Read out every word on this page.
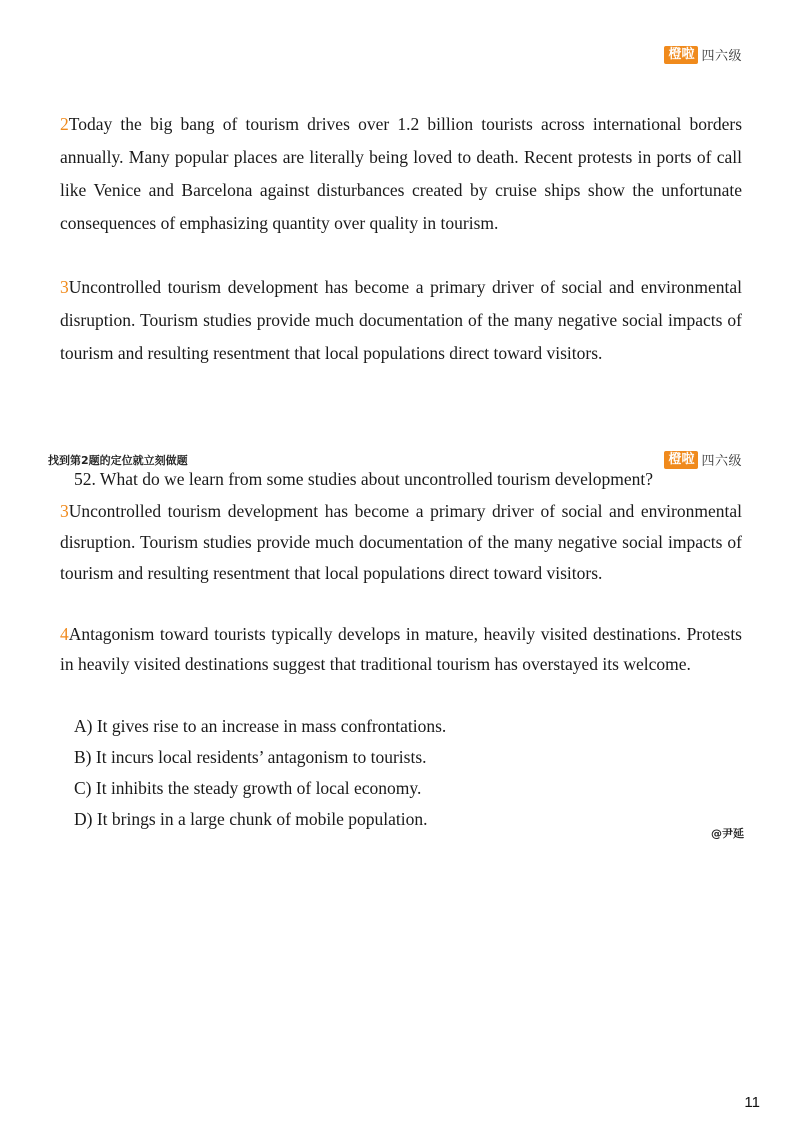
橙啦 四六级

2Today the big bang of tourism drives over 1.2 billion tourists across international borders annually. Many popular places are literally being loved to death. Recent protests in ports of call like Venice and Barcelona against disturbances created by cruise ships show the unfortunate consequences of emphasizing quantity over quality in tourism.

3Uncontrolled tourism development has become a primary driver of social and environmental disruption. Tourism studies provide much documentation of the many negative social impacts of tourism and resulting resentment that local populations direct toward visitors.

找到第2题的定位就立刻做题	橙啦 四六级

52. What do we learn from some studies about uncontrolled tourism development?

3Uncontrolled tourism development has become a primary driver of social and environmental disruption. Tourism studies provide much documentation of the many negative social impacts of tourism and resulting resentment that local populations direct toward visitors.

4Antagonism toward tourists typically develops in mature, heavily visited destinations. Protests in heavily visited destinations suggest that traditional tourism has overstayed its welcome.

A) It gives rise to an increase in mass confrontations.
B) It incurs local residents’ antagonism to tourists.
C) It inhibits the steady growth of local economy.
D) It brings in a large chunk of mobile population.
@尹延
11
